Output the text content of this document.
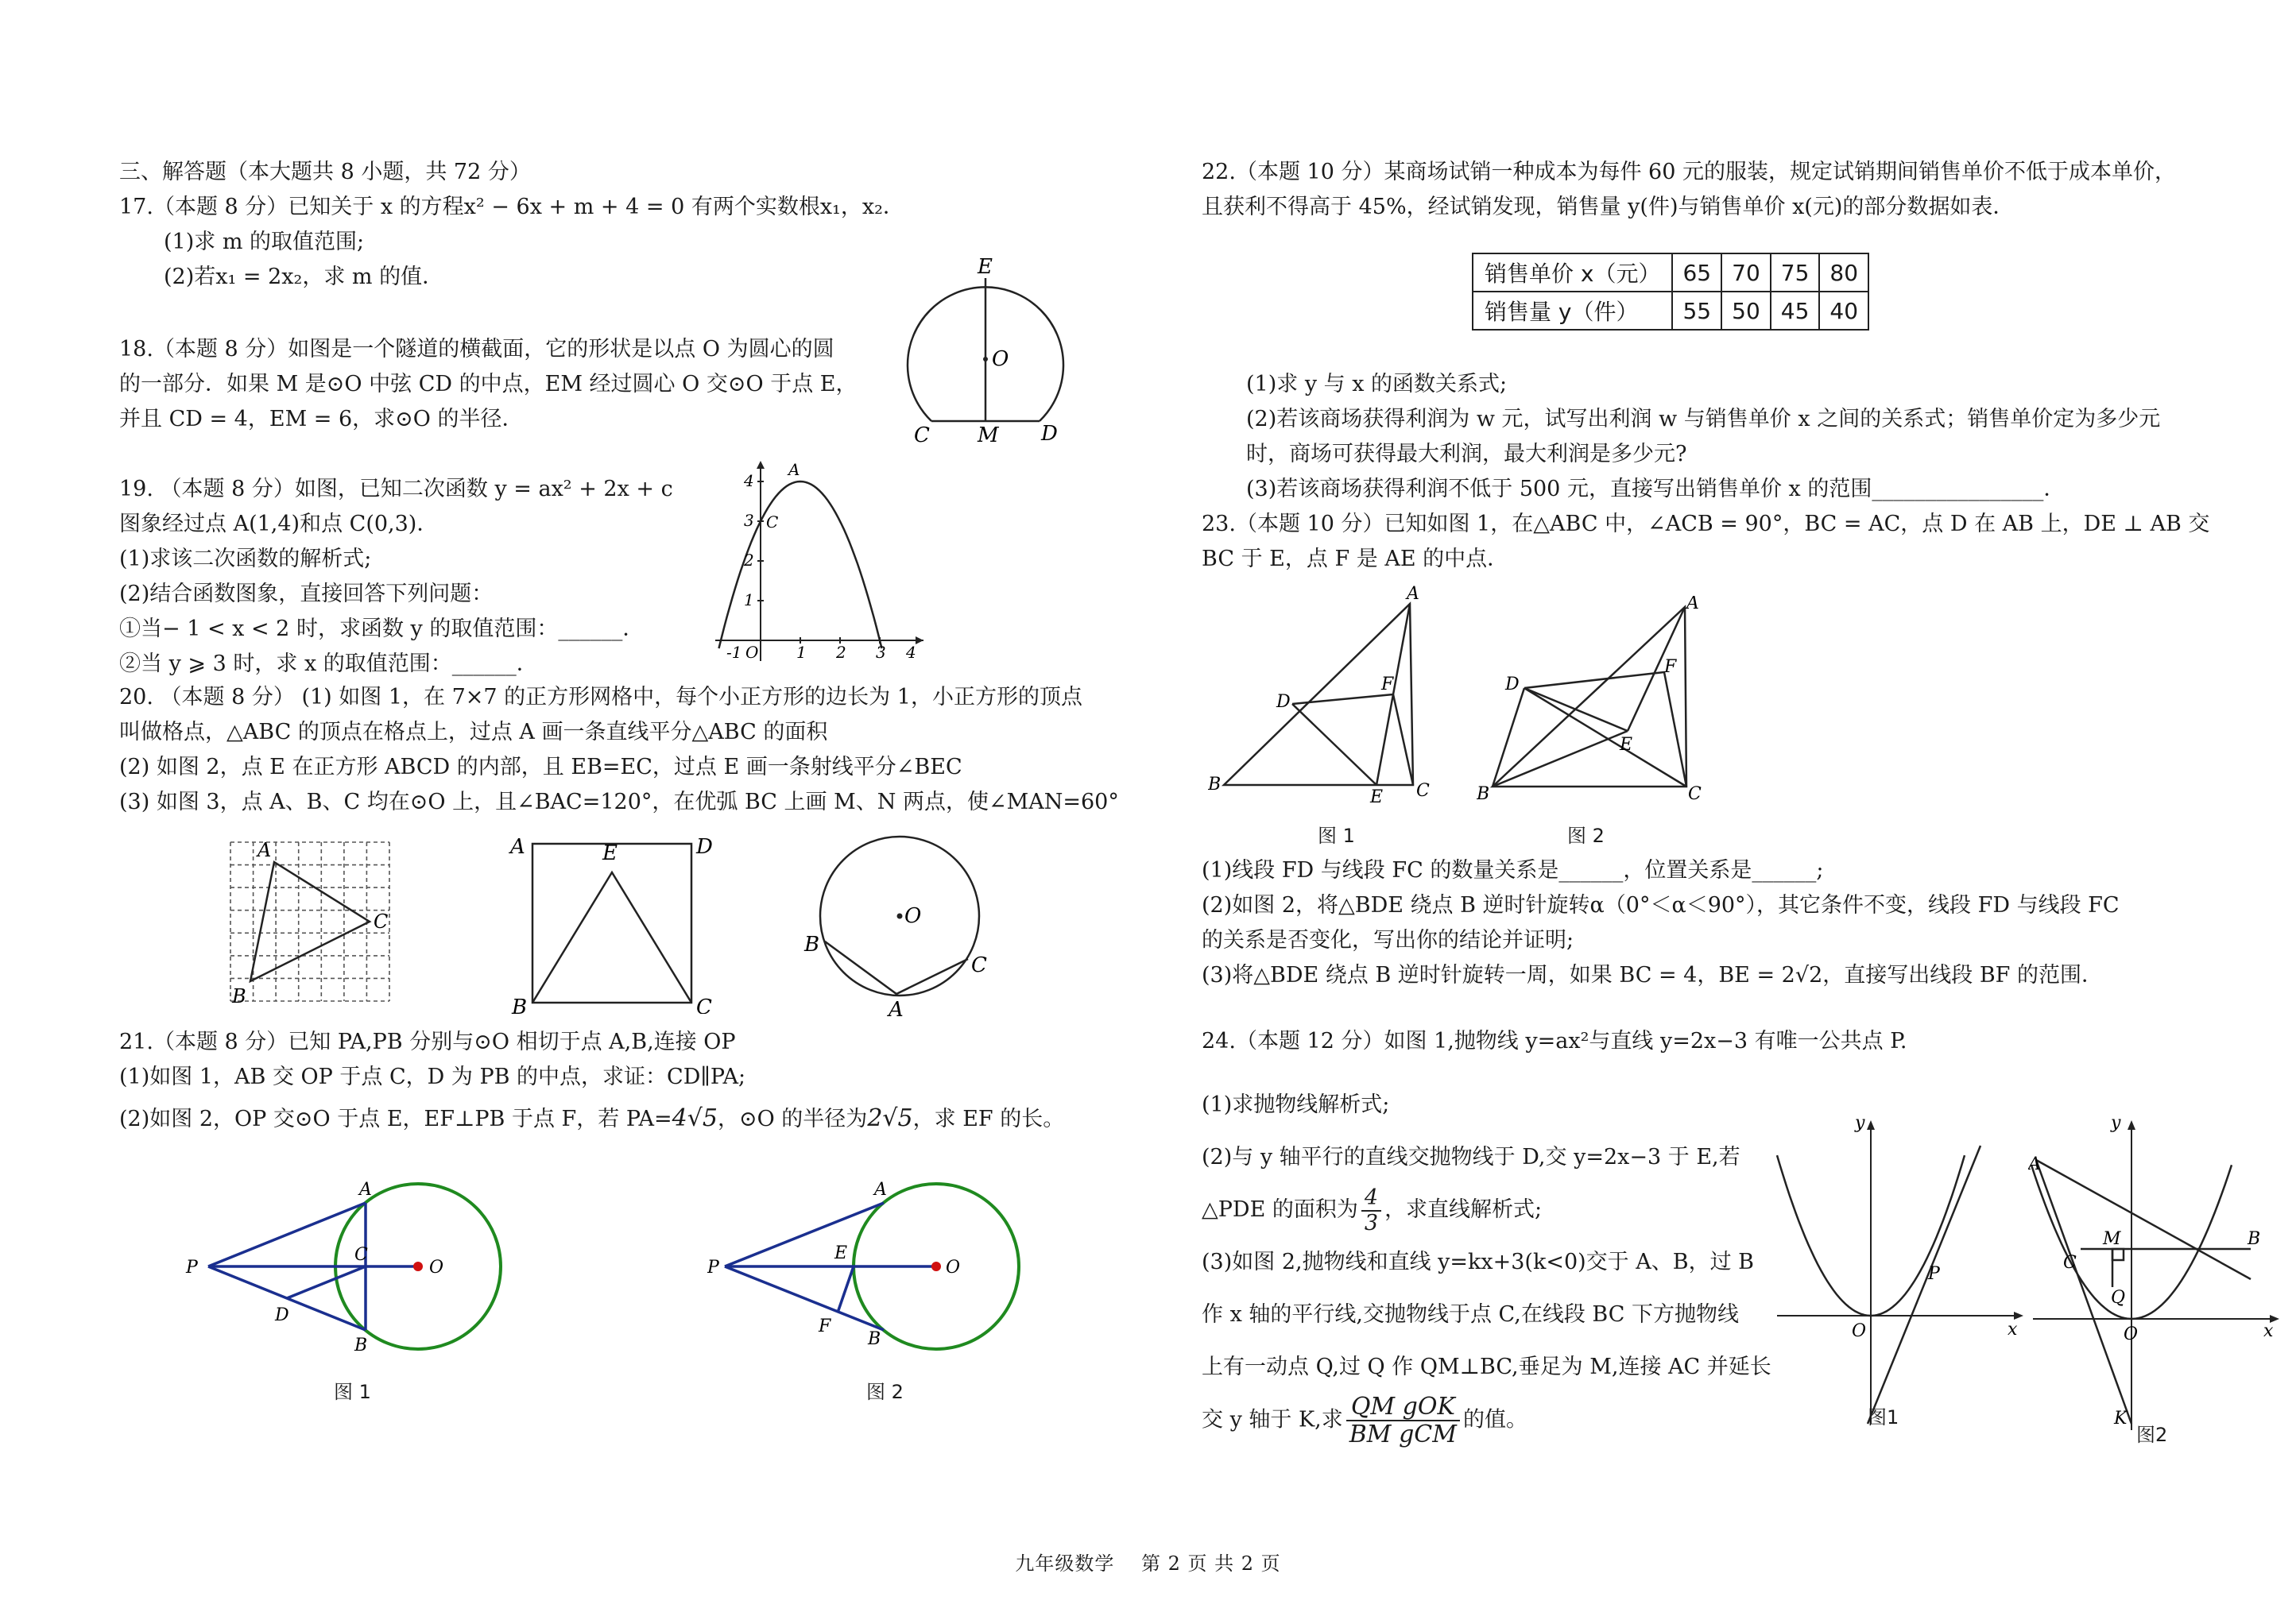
三、解答题（本大题共 8 小题，共 72 分）
17.（本题 8 分）已知关于 x 的方程x² − 6x + m + 4 = 0 有两个实数根x₁，x₂．
(1)求 m 的取值范围;
(2)若x₁ = 2x₂，求 m 的值．
18.（本题 8 分）如图是一个隧道的横截面，它的形状是以点 O 为圆心的圆
的一部分．如果 M 是⊙O 中弦 CD 的中点，EM 经过圆心 O 交⊙O 于点 E，
并且 CD = 4，EM = 6，求⊙O 的半径．
19. （本题 8 分）如图，已知二次函数 y = ax² + 2x + c
图象经过点 A(1,4)和点 C(0,3)．
(1)求该二次函数的解析式;
(2)结合函数图象，直接回答下列问题：
①当− 1 < x < 2 时，求函数 y 的取值范围：______．
②当 y ⩾ 3 时，求 x 的取值范围：______．
20. （本题 8 分） (1) 如图 1，在 7×7 的正方形网格中，每个小正方形的边长为 1，小正方形的顶点
叫做格点，△ABC 的顶点在格点上，过点 A 画一条直线平分△ABC 的面积
(2) 如图 2，点 E 在正方形 ABCD 的内部，且 EB=EC，过点 E 画一条射线平分∠BEC
(3) 如图 3，点 A、B、C 均在⊙O 上，且∠BAC=120°，在优弧 BC 上画 M、N 两点，使∠MAN=60°
21.（本题 8 分）已知 PA,PB 分别与⊙O 相切于点 A,B,连接 OP
(1)如图 1，AB 交 OP 于点 C，D 为 PB 的中点，求证：CD∥PA;
(2)如图 2，OP 交⊙O 于点 E，EF⊥PB 于点 F，若 PA=4√5，⊙O 的半径为2√5，求 EF 的长。
22.（本题 10 分）某商场试销一种成本为每件 60 元的服装，规定试销期间销售单价不低于成本单价，
且获利不得高于 45%，经试销发现，销售量 y(件)与销售单价 x(元)的部分数据如表．
销售单价 x（元）	65	70	75	80
销售量 y（件）	55	50	45	40
(1)求 y 与 x 的函数关系式;
(2)若该商场获得利润为 w 元，试写出利润 w 与销售单价 x 之间的关系式；销售单价定为多少元
时，商场可获得最大利润，最大利润是多少元?
(3)若该商场获得利润不低于 500 元，直接写出销售单价 x 的范围________________．
23.（本题 10 分）已知如图 1，在△ABC 中，∠ACB = 90°，BC = AC，点 D 在 AB 上，DE ⊥ AB 交
BC 于 E，点 F 是 AE 的中点．
(1)线段 FD 与线段 FC 的数量关系是______，位置关系是______;
(2)如图 2，将△BDE 绕点 B 逆时针旋转α（0°＜α＜90°），其它条件不变，线段 FD 与线段 FC
的关系是否变化，写出你的结论并证明;
(3)将△BDE 绕点 B 逆时针旋转一周，如果 BC = 4，BE = 2√2，直接写出线段 BF 的范围．
24.（本题 12 分）如图 1,抛物线 y=ax²与直线 y=2x−3 有唯一公共点 P.
(1)求抛物线解析式;
(2)与 y 轴平行的直线交抛物线于 D,交 y=2x−3 于 E,若
△PDE 的面积为 $\frac{4}{3}$ ，求直线解析式;
(3)如图 2,抛物线和直线 y=kx+3(k<0)交于 A、B，过 B
作 x 轴的平行线,交抛物线于点 C,在线段 BC 下方抛物线
上有一动点 Q,过 Q 作 QM⊥BC,垂足为 M,连接 AC 并延长
交 y 轴于 K,求 $\frac{\text{QM gOK}}{\text{BM gCM}}$ 的值。
E
O
C M D
-1 O 1 2 3 4
1
2
3
4
A
C
A
C
B
A	D
E
B	C
O
B
C
A
P
A
C
O
D
B
图 1
P
A
E
O
F
B
图 2
A
D
F
B
E C
图 1
A
D
F
E
B	C
图 2
y
x
O
P
图1
y
x
O
A
B
C
M
Q
K
图2
九年级数学　 第 2 页 共 2 页
